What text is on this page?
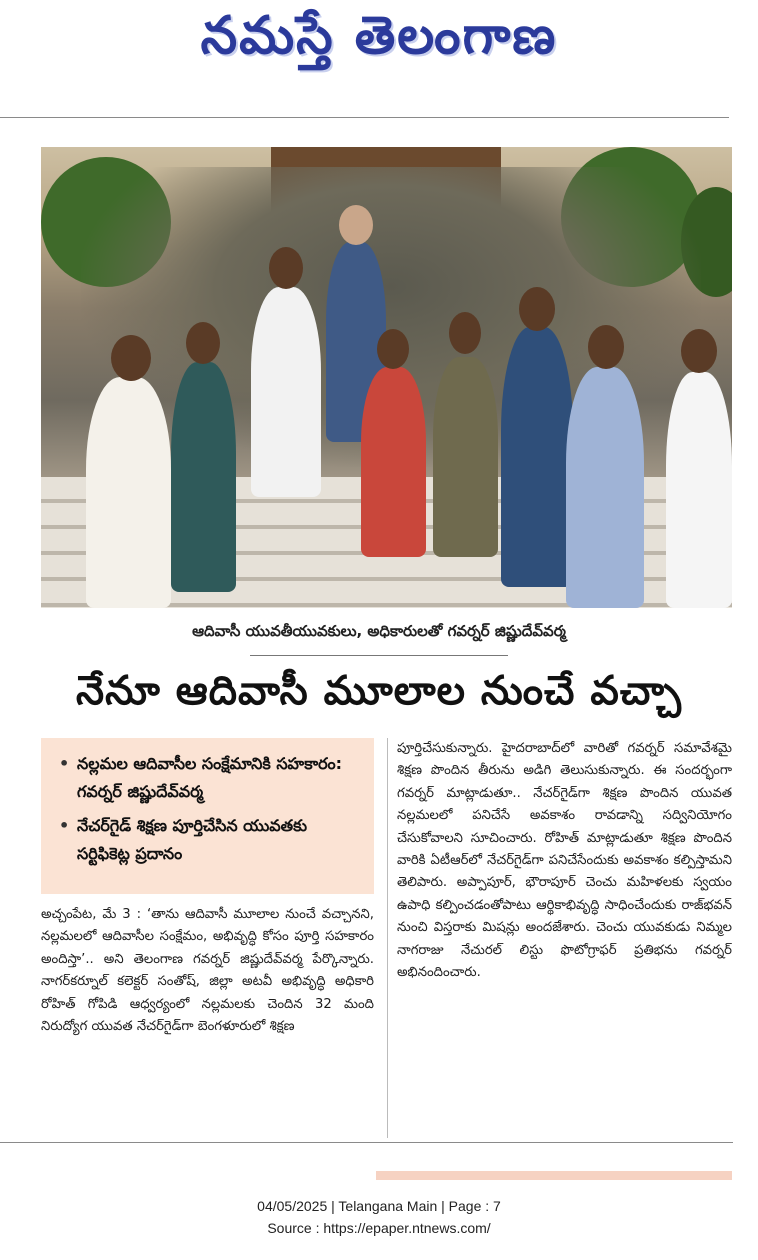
నమస్తే తెలంగాణ
ఆదివాసీ యువతీయువకులు, అధికారులతో గవర్నర్ జిష్ణుదేవ్‌వర్మ
నేనూ ఆదివాసీ మూలాల నుంచే వచ్చా
• నల్లమల ఆదివాసీల సంక్షేమానికి సహకారం: గవర్నర్ జిష్ణుదేవ్‌వర్మ
• నేచర్‌గైడ్ శిక్షణ పూర్తిచేసిన యువతకు సర్టిఫికెట్ల ప్రదానం

అచ్చంపేట, మే 3 : ‘తాను ఆదివాసీ మూలాల నుంచే వచ్చానని, నల్లమలలో ఆదివాసీల సంక్షేమం, అభివృద్ధి కోసం పూర్తి సహకారం అందిస్తా’.. అని తెలంగాణ గవర్నర్ జిష్ణుదేవ్‌వర్మ పేర్కొన్నారు. నాగర్‌కర్నూల్ కలెక్టర్ సంతోష్, జిల్లా అటవీ అభివృద్ధి అధికారి రోహిత్ గోపిడి ఆధ్వర్యంలో నల్లమలకు చెందిన 32 మంది నిరుద్యోగ యువత నేచర్‌గైడ్‌గా బెంగళూరులో శిక్షణ

పూర్తిచేసుకున్నారు. హైదరాబాద్‌లో వారితో గవర్నర్ సమావేశమై శిక్షణ పొందిన తీరును అడిగి తెలుసుకున్నారు. ఈ సందర్భంగా గవర్నర్ మాట్లాడుతూ.. నేచర్‌గైడ్‌గా శిక్షణ పొందిన యువత నల్లమలలో పనిచేసే అవకాశం రావడాన్ని సద్వినియోగం చేసుకోవాలని సూచించారు. రోహిత్ మాట్లాడుతూ శిక్షణ పొందిన వారికి ఏటీఆర్‌లో నేచర్‌గైడ్‌గా పనిచేసేందుకు అవకాశం కల్పిస్తామని తెలిపారు. అప్పాపూర్, భౌరాపూర్ చెంచు మహిళలకు స్వయం ఉపాధి కల్పించడంతోపాటు ఆర్థికాభివృద్ధి సాధించేందుకు రాజ్‌భవన్ నుంచి విస్తరాకు మిషన్లు అందజేశారు. చెంచు యువకుడు నిమ్మల నాగరాజు నేచురల్ లిస్టు ఫొటోగ్రాఫర్ ప్రతిభను గవర్నర్ అభినందించారు.

04/05/2025 | Telangana Main | Page : 7
Source : https://epaper.ntnews.com/
